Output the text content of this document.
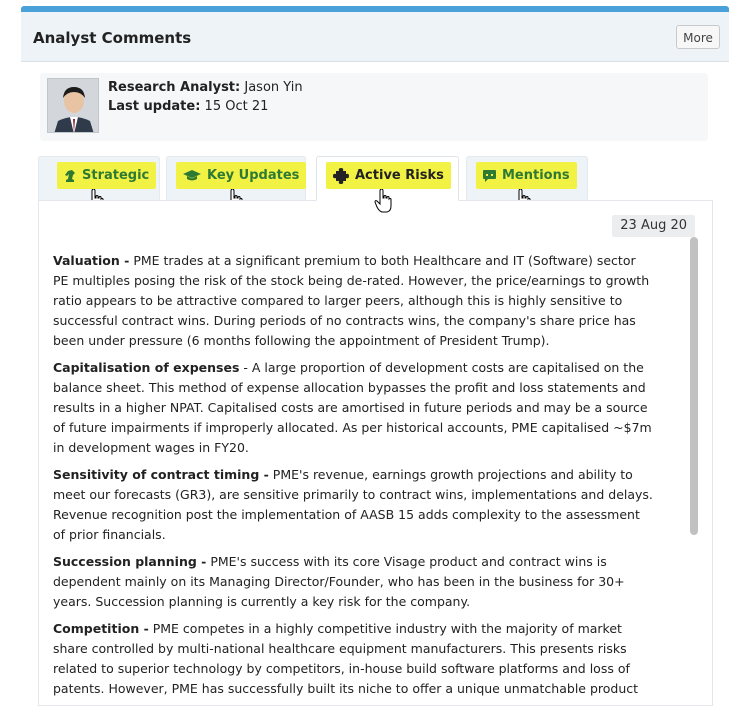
Analyst Comments	More
Research Analyst: Jason Yin
Last update: 15 Oct 21
Strategic	Key Updates	Active Risks	Mentions
23 Aug 20

Valuation - PME trades at a significant premium to both Healthcare and IT (Software) sector PE multiples posing the risk of the stock being de-rated. However, the price/earnings to growth ratio appears to be attractive compared to larger peers, although this is highly sensitive to successful contract wins. During periods of no contracts wins, the company's share price has been under pressure (6 months following the appointment of President Trump).

Capitalisation of expenses - A large proportion of development costs are capitalised on the balance sheet. This method of expense allocation bypasses the profit and loss statements and results in a higher NPAT. Capitalised costs are amortised in future periods and may be a source of future impairments if improperly allocated. As per historical accounts, PME capitalised ~$7m in development wages in FY20.

Sensitivity of contract timing - PME's revenue, earnings growth projections and ability to meet our forecasts (GR3), are sensitive primarily to contract wins, implementations and delays. Revenue recognition post the implementation of AASB 15 adds complexity to the assessment of prior financials.

Succession planning - PME's success with its core Visage product and contract wins is dependent mainly on its Managing Director/Founder, who has been in the business for 30+ years. Succession planning is currently a key risk for the company.

Competition - PME competes in a highly competitive industry with the majority of market share controlled by multi-national healthcare equipment manufacturers. This presents risks related to superior technology by competitors, in-house build software platforms and loss of patents. However, PME has successfully built its niche to offer a unique unmatchable product
